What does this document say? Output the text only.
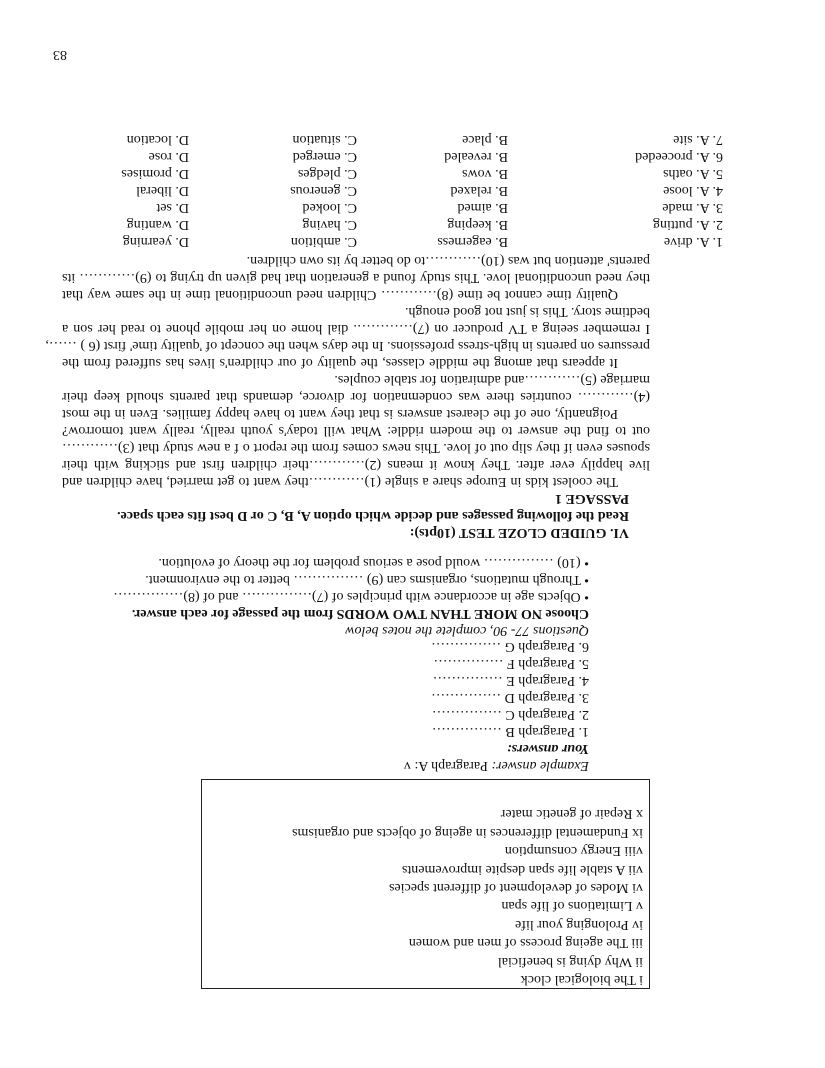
i The biological clock
ii Why dying is beneficial
iii The ageing process of men and women
iv Prolonging your life
v Limitations of life span
vi Modes of development of different species
vii A stable life span despite improvements
viii Energy consumption
ix Fundamental differences in ageing of objects and organisms
x Repair of genetic mater
Example answer: Paragraph A: v
Your answers:
1. Paragraph B ……………
2. Paragraph C ……………
3. Paragraph D ……………
4. Paragraph E ……………
5. Paragraph F ……………
6. Paragraph G ……………
Questions 77- 90, complete the notes below
Choose NO MORE THAN TWO WORDS from the passage for each answer.
• Objects age in accordance with principles of (7)…………… and of (8)……………
• Through mutations, organisms can (9) …………… better to the environment.
• (10) …………… would pose a serious problem for the theory of evolution.
VI. GUIDED CLOZE TEST (10pts):
Read the following passages and decide which option A, B, C or D best fits each space.
PASSAGE 1
The coolest kids in Europe share a single (1)…………they want to get married, have children and
live happily ever after. They know it means (2)…………their children first and sticking with their
spouses even if they slip out of love. This news comes from the report o f a new study that (3)…………
out to find the answer to the modern riddle: What will today's youth really, really want tomorrow?
Poignantly, one of the clearest answers is that they want to have happy families. Even in the most
(4)………… countries there was condemnation for divorce, demands that parents should keep their
marriage (5)…………and admiration for stable couples.
It appears that among the middle classes, the quality of our children's lives has suffered from the
pressures on parents in high-stress professions. In the days when the concept of 'quality time' first (6 ) ……,
I remember seeing a TV producer on (7)…………. dial home on her mobile phone to read her son a
bedtime story. This is just not good enough.
Quality time cannot be time (8)………… Children need unconditional time in the same way that
they need unconditional love. This study found a generation that had given up trying to (9)………… its
parents' attention but was (10)…………to do better by its own children.
1. A. drive
B. eagerness
C. ambition
D. yearning
2. A. putting
B. keeping
C. having
D. wanting
3. A. made
B. aimed
C. looked
D. set
4. A. loose
B. relaxed
C. generous
D. liberal
5. A. oaths
B. vows
C. pledges
D. promises
6. A. proceeded
B. revealed
C. emerged
D. rose
7. A. site
B. place
C. situation
D. location
83
